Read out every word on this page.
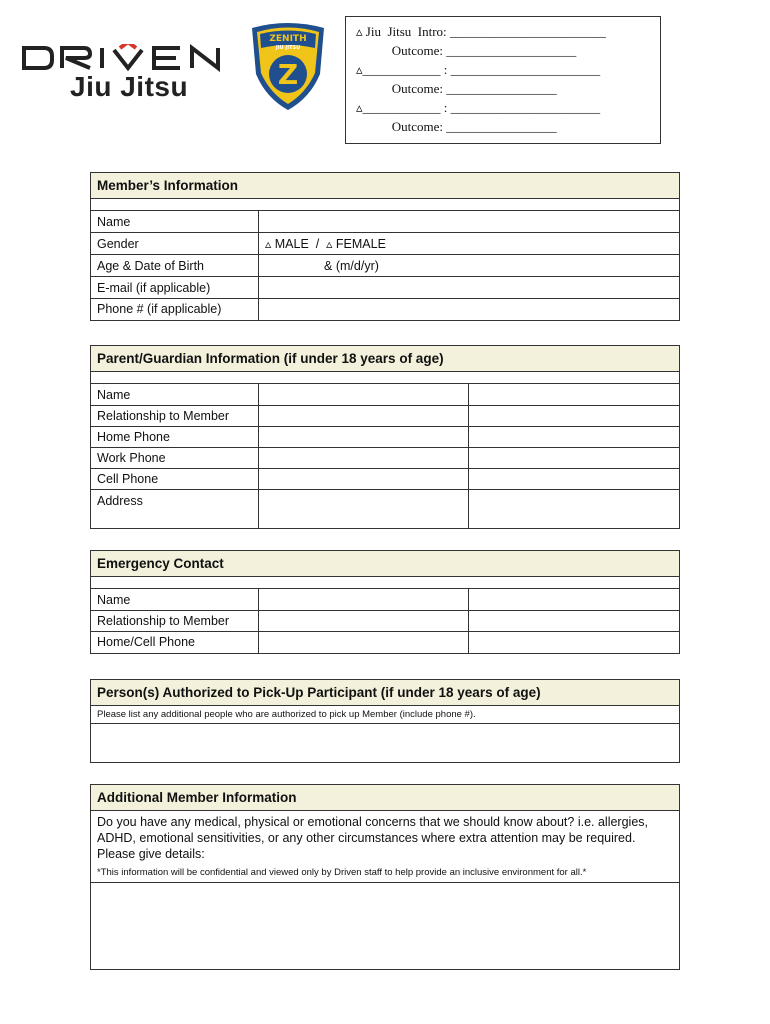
Jiu Jitsu
ZENITH
JIU JITSU
Z
▵ Jiu  Jitsu  Intro: ________________________
Outcome: ____________________
▵____________ : _______________________
Outcome: _________________
▵____________ : _______________________
Outcome: _________________
Member’s Information
Name
Gender	▵ MALE  /  ▵ FEMALE
Age & Date of Birth	& (m/d/yr)
E-mail (if applicable)
Phone # (if applicable)
Parent/Guardian Information (if under 18 years of age)
Name
Relationship to Member
Home Phone
Work Phone
Cell Phone
Address
Emergency Contact
Name
Relationship to Member
Home/Cell Phone
Person(s) Authorized to Pick-Up Participant (if under 18 years of age)
Please list any additional people who are authorized to pick up Member (include phone #).
Additional Member Information
Do you have any medical, physical or emotional concerns that we should know about? i.e. allergies, ADHD, emotional sensitivities, or any other circumstances where extra attention may be required. Please give details:
*This information will be confidential and viewed only by Driven staff to help provide an inclusive environment for all.*
